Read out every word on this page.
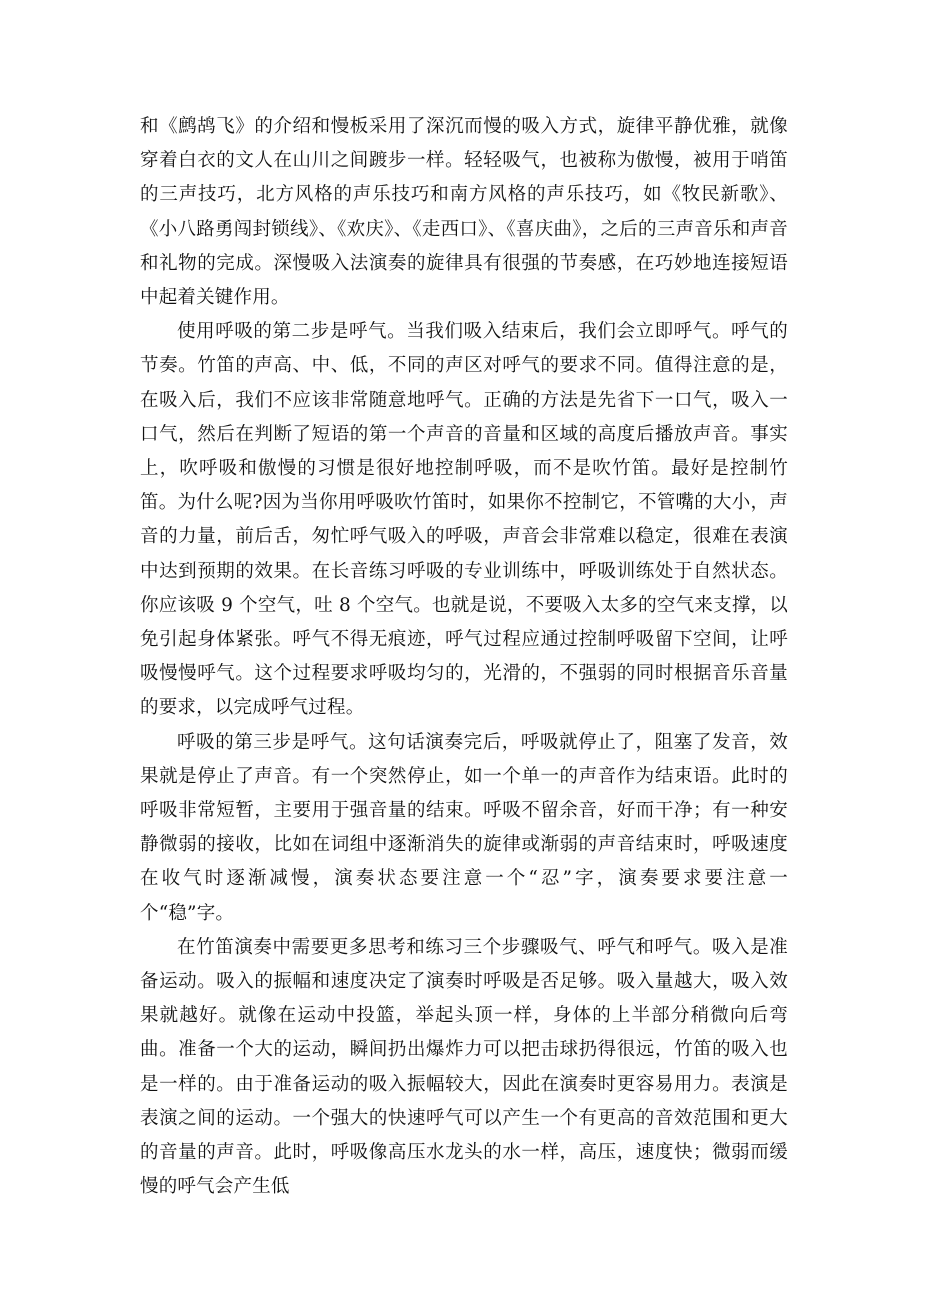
和《鹧鸪飞》的介绍和慢板采用了深沉而慢的吸入方式，旋律平静优雅，就像穿着白衣的文人在山川之间踱步一样。轻轻吸气，也被称为傲慢，被用于哨笛的三声技巧，北方风格的声乐技巧和南方风格的声乐技巧，如《牧民新歌》、《小八路勇闯封锁线》、《欢庆》、《走西口》、《喜庆曲》，之后的三声音乐和声音和礼物的完成。深慢吸入法演奏的旋律具有很强的节奏感，在巧妙地连接短语中起着关键作用。

使用呼吸的第二步是呼气。当我们吸入结束后，我们会立即呼气。呼气的节奏。竹笛的声高、中、低，不同的声区对呼气的要求不同。值得注意的是，在吸入后，我们不应该非常随意地呼气。正确的方法是先省下一口气，吸入一口气，然后在判断了短语的第一个声音的音量和区域的高度后播放声音。事实上，吹呼吸和傲慢的习惯是很好地控制呼吸，而不是吹竹笛。最好是控制竹笛。为什么呢?因为当你用呼吸吹竹笛时，如果你不控制它，不管嘴的大小，声音的力量，前后舌，匆忙呼气吸入的呼吸，声音会非常难以稳定，很难在表演中达到预期的效果。在长音练习呼吸的专业训练中，呼吸训练处于自然状态。你应该吸 9 个空气，吐 8 个空气。也就是说，不要吸入太多的空气来支撑，以免引起身体紧张。呼气不得无痕迹，呼气过程应通过控制呼吸留下空间，让呼吸慢慢呼气。这个过程要求呼吸均匀的，光滑的，不强弱的同时根据音乐音量的要求，以完成呼气过程。

呼吸的第三步是呼气。这句话演奏完后，呼吸就停止了，阻塞了发音，效果就是停止了声音。有一个突然停止，如一个单一的声音作为结束语。此时的呼吸非常短暂，主要用于强音量的结束。呼吸不留余音，好而干净；有一种安静微弱的接收，比如在词组中逐渐消失的旋律或渐弱的声音结束时，呼吸速度在收气时逐渐减慢，演奏状态要注意一个“忍”字，演奏要求要注意一个“稳”字。

在竹笛演奏中需要更多思考和练习三个步骤吸气、呼气和呼气。吸入是准备运动。吸入的振幅和速度决定了演奏时呼吸是否足够。吸入量越大，吸入效果就越好。就像在运动中投篮，举起头顶一样，身体的上半部分稍微向后弯曲。准备一个大的运动，瞬间扔出爆炸力可以把击球扔得很远，竹笛的吸入也是一样的。由于准备运动的吸入振幅较大，因此在演奏时更容易用力。表演是表演之间的运动。一个强大的快速呼气可以产生一个有更高的音效范围和更大的音量的声音。此时，呼吸像高压水龙头的水一样，高压，速度快；微弱而缓慢的呼气会产生低
